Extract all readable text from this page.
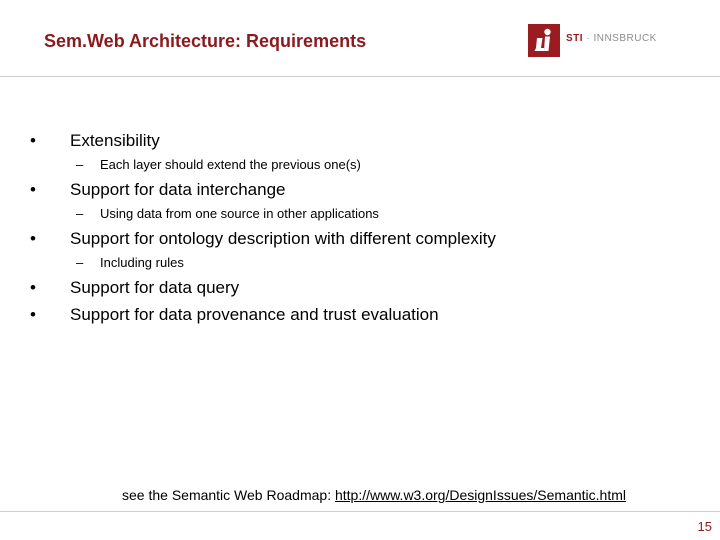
Sem.Web Architecture: Requirements	STI · INNSBRUCK
•	Extensibility
– Each layer should extend the previous one(s)
•	Support for data interchange
– Using data from one source in other applications
•	Support for ontology description with different complexity
– Including rules
•	Support for data query
•	Support for data provenance and trust evaluation
see the Semantic Web Roadmap: http://www.w3.org/DesignIssues/Semantic.html
15
